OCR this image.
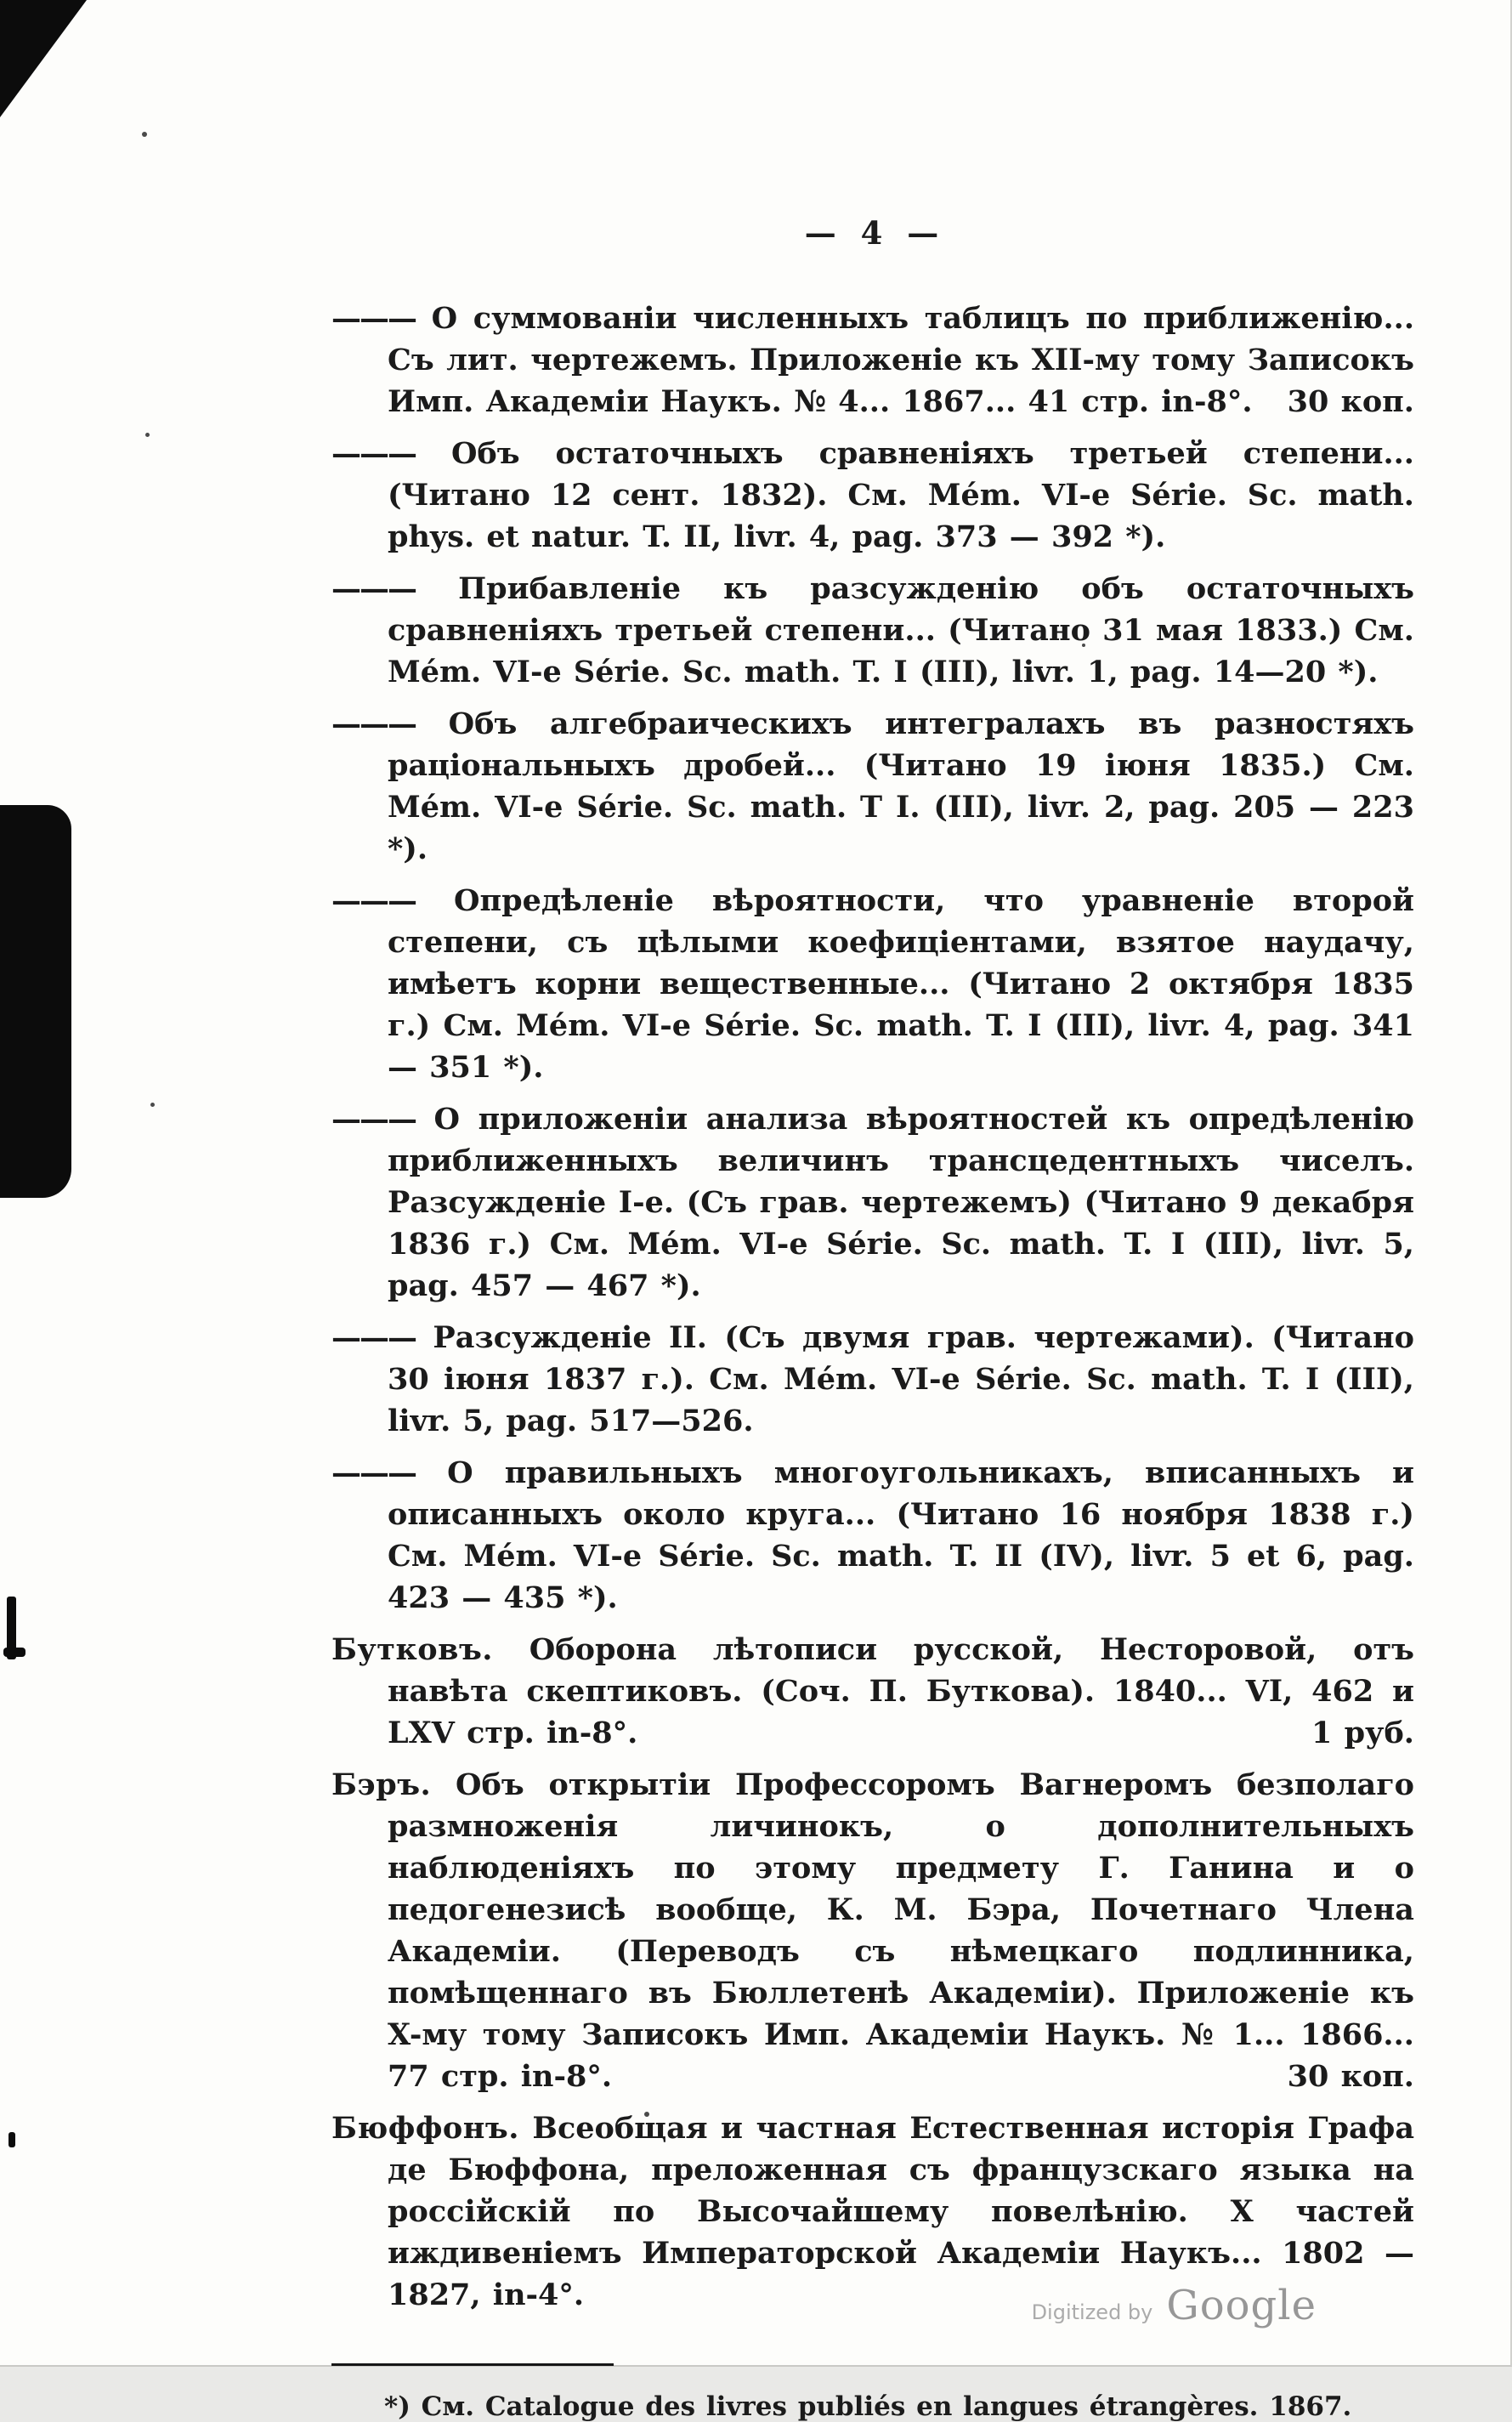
— 4 —

——— О суммованіи численныхъ таблицъ по приближенію... Съ лит. чертежемъ. Приложеніе къ XII-му тому Записокъ Имп. Академіи Наукъ. № 4... 1867... 41 стр. in-8°. 30 коп.

——— Объ остаточныхъ сравненіяхъ третьей степени... (Читано 12 сент. 1832). См. Mém. VI-e Série. Sc. math. phys. et natur. T. II, livr. 4, pag. 373 — 392 *).

——— Прибавленіе къ разсужденію объ остаточныхъ сравненіяхъ третьей степени... (Читано 31 мая 1833.) См. Mém. VI-e Série. Sc. math. T. I (III), livr. 1, pag. 14—20 *).

——— Объ алгебраическихъ интегралахъ въ разностяхъ раціональныхъ дробей... (Читано 19 іюня 1835.) См. Mém. VI-e Série. Sc. math. T I. (III), livr. 2, pag. 205 — 223 *).

——— Опредѣленіе вѣроятности, что уравненіе второй степени, съ цѣлыми коефиціентами, взятое наудачу, имѣетъ корни вещественные... (Читано 2 октября 1835 г.) См. Mém. VI-e Série. Sc. math. T. I (III), livr. 4, pag. 341 — 351 *).

——— О приложеніи анализа вѣроятностей къ опредѣленію приближенныхъ величинъ трансцедентныхъ чиселъ. Разсужденіе I-е. (Съ грав. чертежемъ) (Читано 9 декабря 1836 г.) См. Mém. VI-e Série. Sc. math. T. I (III), livr. 5, pag. 457 — 467 *).

——— Разсужденіе II. (Съ двумя грав. чертежами). (Читано 30 іюня 1837 г.). См. Mém. VI-e Série. Sc. math. T. I (III), livr. 5, pag. 517—526.

——— О правильныхъ многоугольникахъ, вписанныхъ и описанныхъ около круга... (Читано 16 ноября 1838 г.) См. Mém. VI-e Série. Sc. math. T. II (IV), livr. 5 et 6, pag. 423 — 435 *).

Бутковъ. Оборона лѣтописи русской, Несторовой, отъ навѣта скептиковъ. (Соч. П. Буткова). 1840... VI, 462 и LXV стр. in-8°.	1 руб.

Бэръ. Объ открытіи Профессоромъ Вагнеромъ безполаго размноженія личинокъ, о дополнительныхъ наблюденіяхъ по этому предмету Г. Ганина и о педогенезисѣ вообще, К. М. Бэра, Почетнаго Члена Академіи. (Переводъ съ нѣмецкаго подлинника, помѣщеннаго въ Бюллетенѣ Академіи). Приложеніе къ X-му тому Записокъ Имп. Академіи Наукъ. № 1... 1866... 77 стр. in-8°.	30 коп.

Бюффонъ. Всеобщая и частная Естественная исторія Графа де Бюффона, преложенная съ французскаго языка на россійскій по Высочайшему повелѣнію. X частей иждивеніемъ Императорской Академіи Наукъ... 1802 — 1827, in-4°.

*) См. Catalogue des livres publiés en langues étrangères. 1867.
Digitized by Google
